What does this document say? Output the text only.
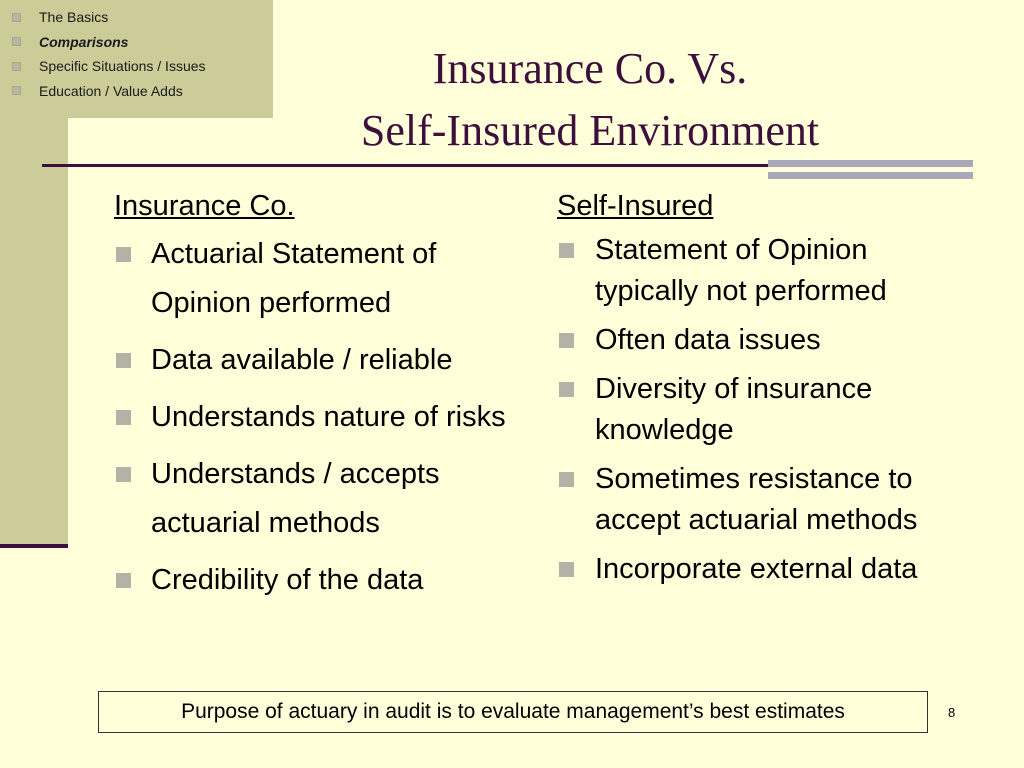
The Basics
Comparisons
Specific Situations / Issues
Education / Value Adds	Insurance Co. Vs.
Self-Insured Environment
Insurance Co.
Actuarial Statement of Opinion performed
Data available / reliable
Understands nature of risks
Understands / accepts actuarial methods
Credibility of the data
Self-Insured
Statement of Opinion typically not performed
Often data issues
Diversity of insurance knowledge
Sometimes resistance to accept actuarial methods
Incorporate external data
Purpose of actuary in audit is to evaluate management’s best estimates	8
